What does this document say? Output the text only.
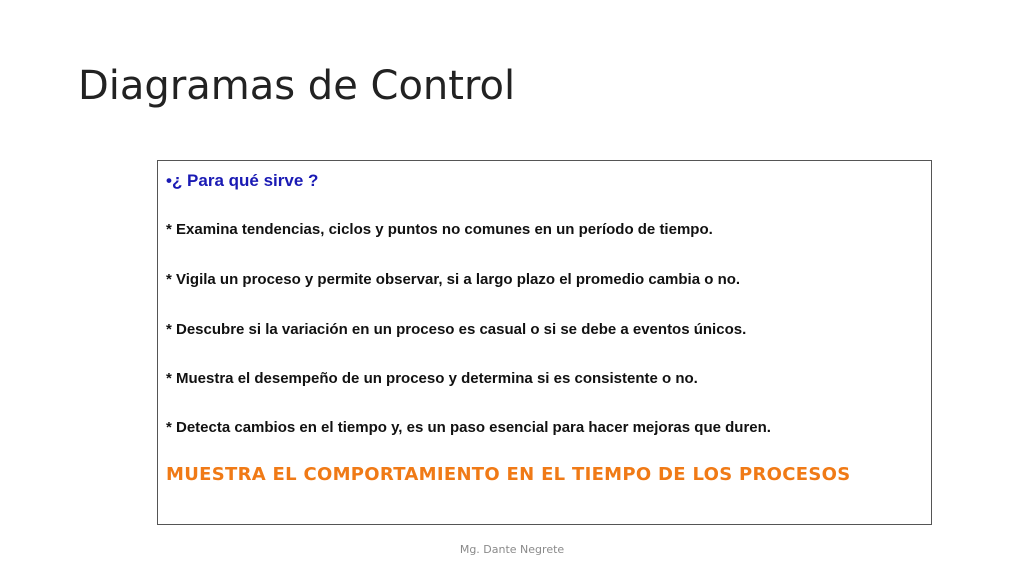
Diagramas de Control

•¿ Para qué sirve ?

* Examina tendencias, ciclos y puntos no comunes en un período de tiempo.

* Vigila un proceso y permite observar, si a largo plazo el promedio cambia o no.

* Descubre si la variación en un proceso es casual o si se debe a eventos únicos.

* Muestra el desempeño de un proceso y determina si es consistente o no.

* Detecta cambios en el tiempo y, es un paso esencial para hacer mejoras que duren.

MUESTRA EL COMPORTAMIENTO EN EL TIEMPO DE LOS PROCESOS

Mg. Dante Negrete
